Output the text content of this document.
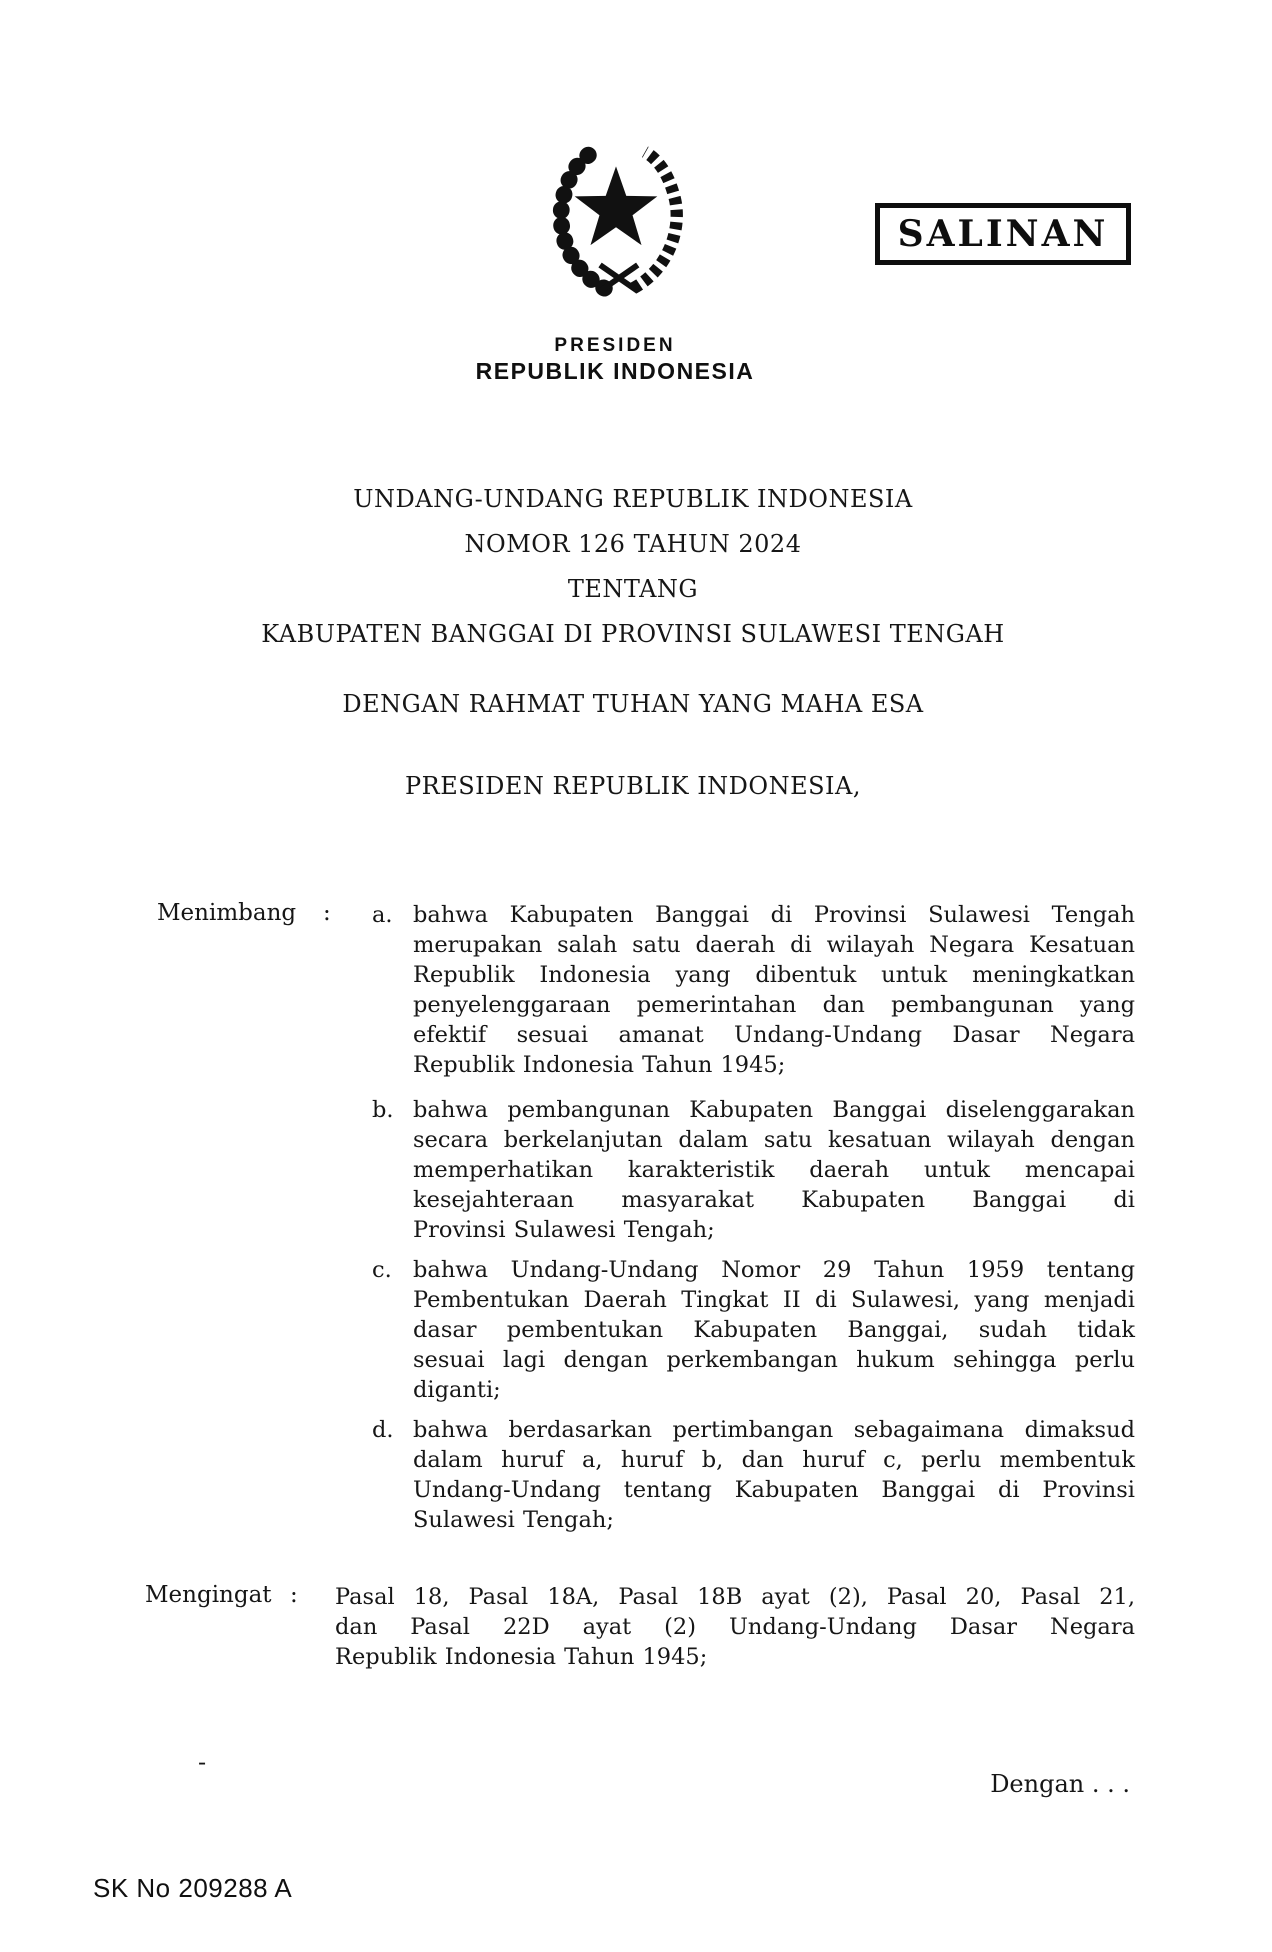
SALINAN
PRESIDEN
REPUBLIK INDONESIA
UNDANG-UNDANG REPUBLIK INDONESIA
NOMOR 126 TAHUN 2024
TENTANG
KABUPATEN BANGGAI DI PROVINSI SULAWESI TENGAH
DENGAN RAHMAT TUHAN YANG MAHA ESA
PRESIDEN REPUBLIK INDONESIA,
Menimbang : a. bahwa Kabupaten Banggai di Provinsi Sulawesi Tengah
merupakan salah satu daerah di wilayah Negara Kesatuan
Republik Indonesia yang dibentuk untuk meningkatkan
penyelenggaraan pemerintahan dan pembangunan yang
efektif sesuai amanat Undang-Undang Dasar Negara
Republik Indonesia Tahun 1945;
b. bahwa pembangunan Kabupaten Banggai diselenggarakan
secara berkelanjutan dalam satu kesatuan wilayah dengan
memperhatikan karakteristik daerah untuk mencapai
kesejahteraan masyarakat Kabupaten Banggai di
Provinsi Sulawesi Tengah;
c. bahwa Undang-Undang Nomor 29 Tahun 1959 tentang
Pembentukan Daerah Tingkat II di Sulawesi, yang menjadi
dasar pembentukan Kabupaten Banggai, sudah tidak
sesuai lagi dengan perkembangan hukum sehingga perlu
diganti;
d. bahwa berdasarkan pertimbangan sebagaimana dimaksud
dalam huruf a, huruf b, dan huruf c, perlu membentuk
Undang-Undang tentang Kabupaten Banggai di Provinsi
Sulawesi Tengah;
Mengingat : Pasal 18, Pasal 18A, Pasal 18B ayat (2), Pasal 20, Pasal 21,
dan Pasal 22D ayat (2) Undang-Undang Dasar Negara
Republik Indonesia Tahun 1945;
Dengan . . .
-
SK No 209288 A
